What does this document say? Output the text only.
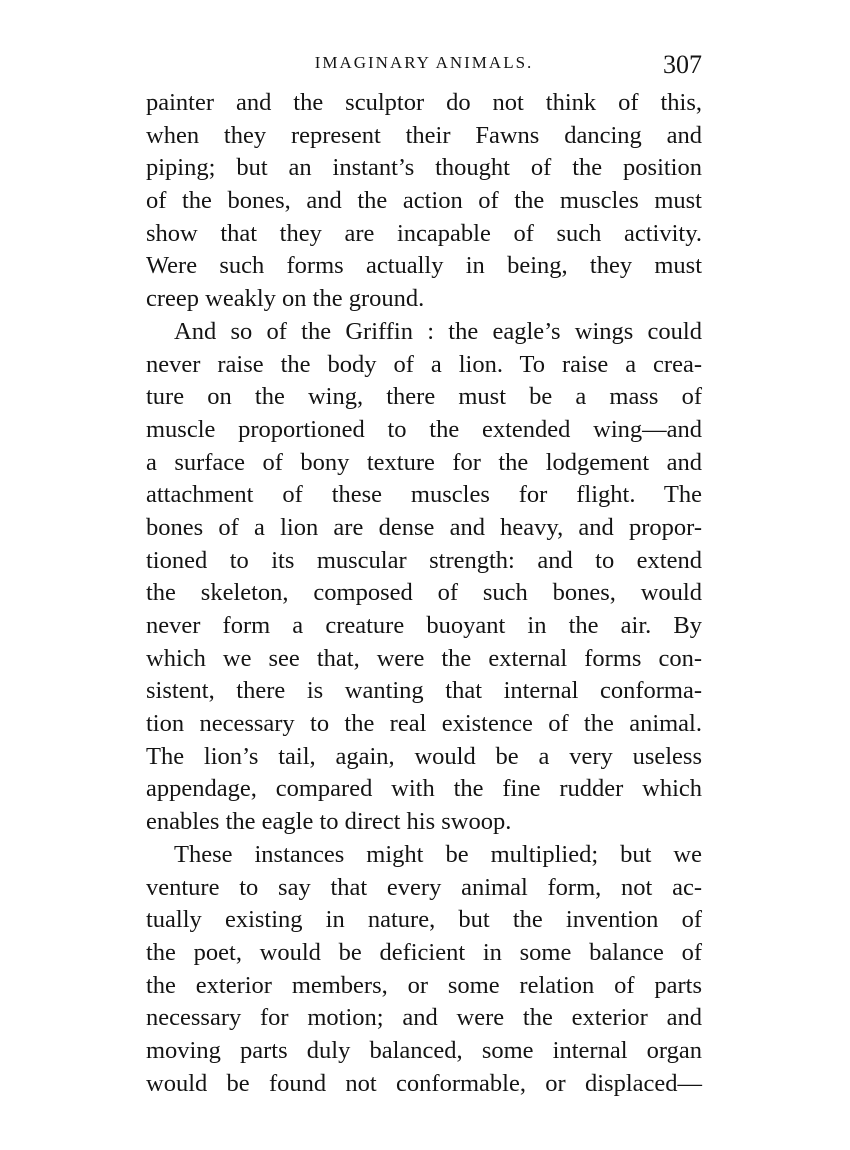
IMAGINARY ANIMALS.	307
painter and the sculptor do not think of this,
when they represent their Fawns dancing and
piping; but an instant’s thought of the position
of the bones, and the action of the muscles must
show that they are incapable of such activity.
Were such forms actually in being, they must
creep weakly on the ground.
And so of the Griffin : the eagle’s wings could
never raise the body of a lion. To raise a crea-
ture on the wing, there must be a mass of
muscle proportioned to the extended wing—and
a surface of bony texture for the lodgement and
attachment of these muscles for flight. The
bones of a lion are dense and heavy, and propor-
tioned to its muscular strength: and to extend
the skeleton, composed of such bones, would
never form a creature buoyant in the air. By
which we see that, were the external forms con-
sistent, there is wanting that internal conforma-
tion necessary to the real existence of the animal.
The lion’s tail, again, would be a very useless
appendage, compared with the fine rudder which
enables the eagle to direct his swoop.
These instances might be multiplied; but we
venture to say that every animal form, not ac-
tually existing in nature, but the invention of
the poet, would be deficient in some balance of
the exterior members, or some relation of parts
necessary for motion; and were the exterior and
moving parts duly balanced, some internal organ
would be found not conformable, or displaced—
